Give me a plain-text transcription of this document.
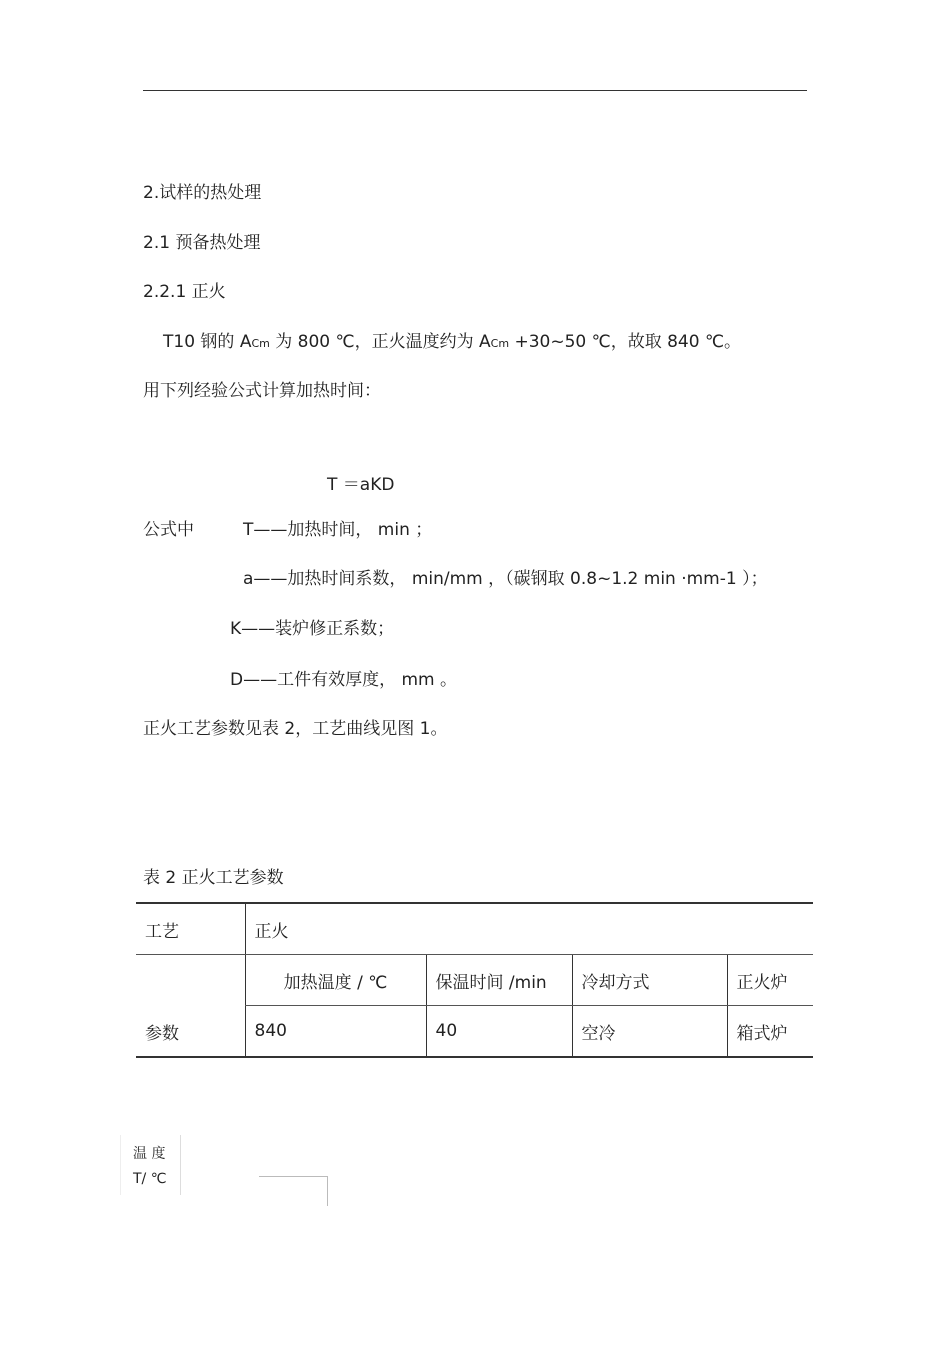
2.试样的热处理
2.1 预备热处理
2.2.1 正火
T10 钢的 ACm 为 800 ℃，正火温度约为 ACm +30~50 ℃，故取 840 ℃。
用下列经验公式计算加热时间：
T ＝aKD
公式中	T——加热时间， min ；
a——加热时间系数， min/mm ，（碳钢取 0.8~1.2 min ·mm-1 ）；
K——装炉修正系数；
D——工件有效厚度， mm 。
正火工艺参数见表 2，工艺曲线见图 1。
表 2 正火工艺参数
工艺	正火			
参数	加热温度 / ℃	保温时间 /min	冷却方式	正火炉
	840	40	空冷	箱式炉
温 度
T/ ℃
